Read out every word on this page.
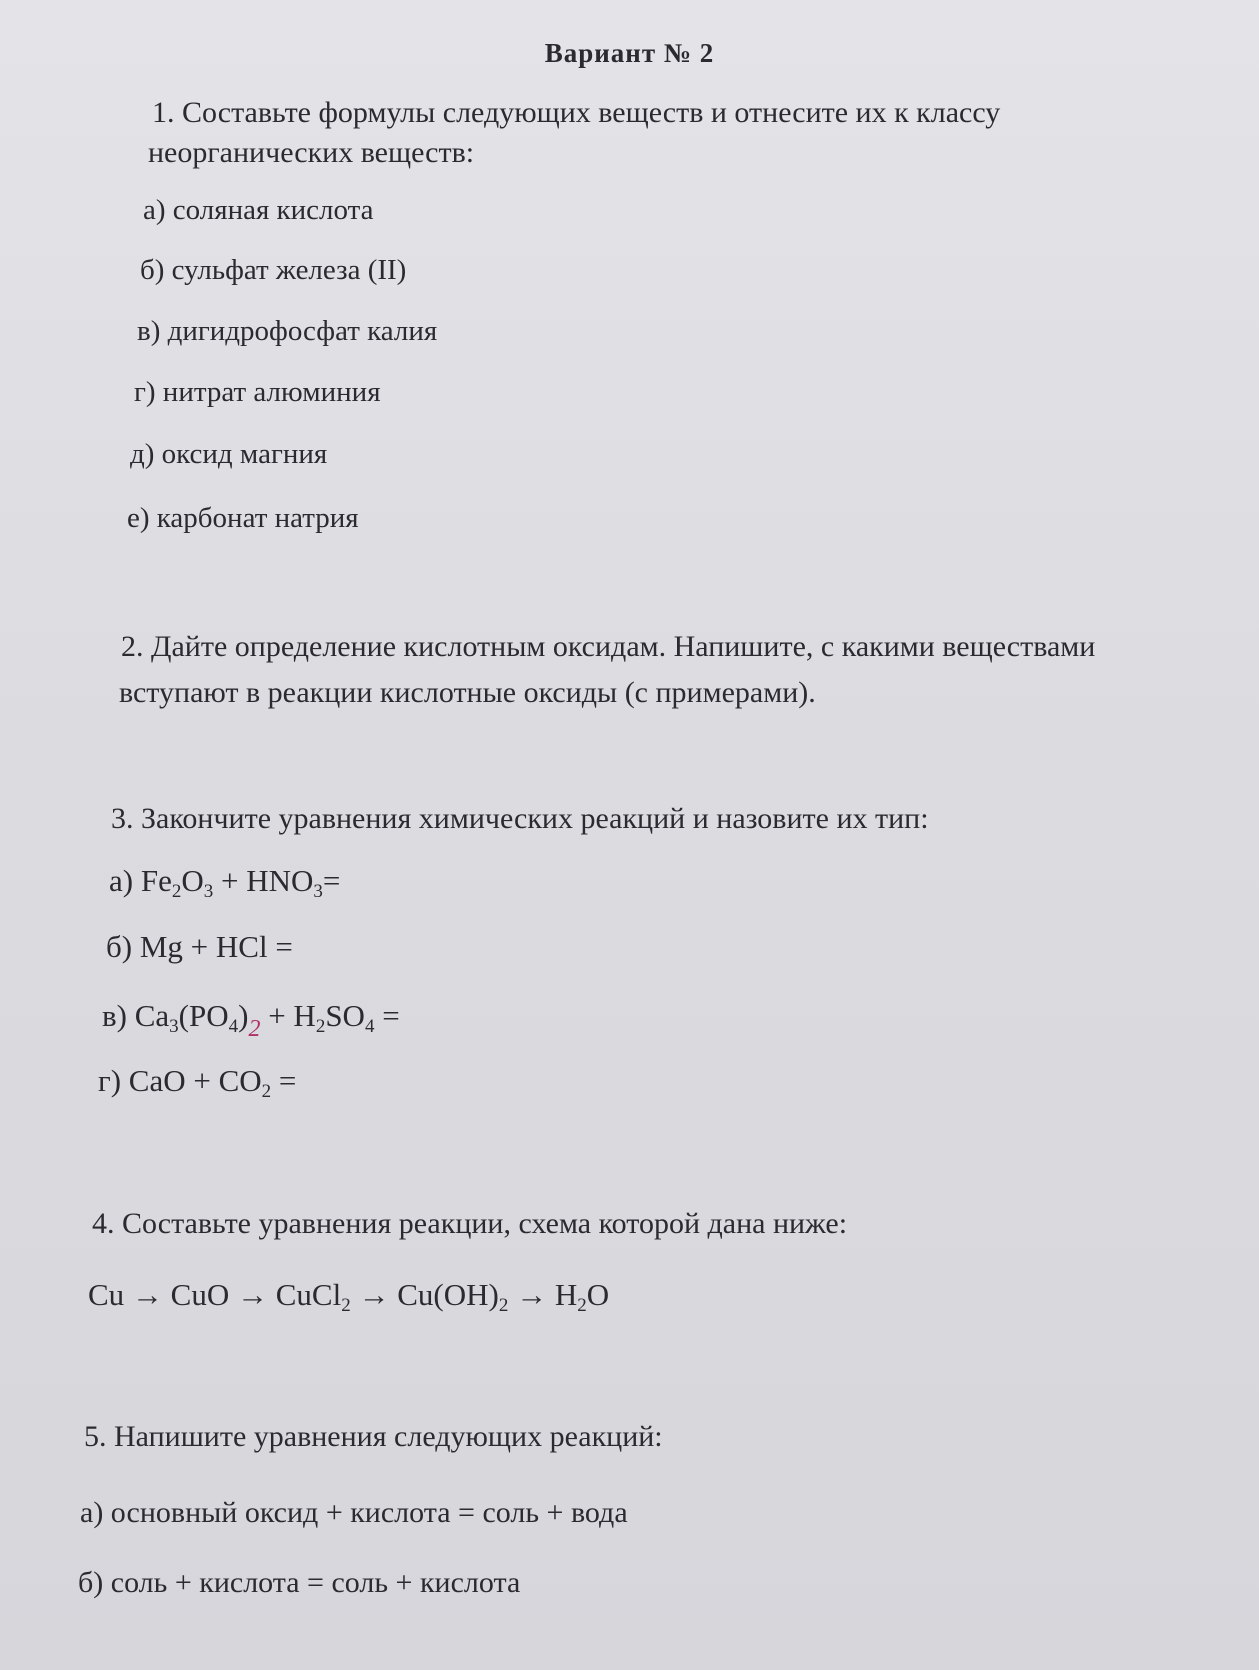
Вариант № 2
1. Составьте формулы следующих веществ и отнесите их к классу
неорганических веществ:
а) соляная кислота
б) сульфат железа (II)
в) дигидрофосфат калия
г) нитрат алюминия
д) оксид магния
е) карбонат натрия
2. Дайте определение кислотным оксидам. Напишите, с какими веществами
вступают в реакции кислотные оксиды (с примерами).
3. Закончите уравнения химических реакций и назовите их тип:
а) $Fe_2O_3 + HNO_3=$
б) Mg + HCl =
в) $Ca_3(PO_4)_2 + H_2SO_4$ =
г) CaO + $CO_2$ =
4. Составьте уравнения реакции, схема которой дана ниже:
Cu → CuO → CuCl$_2$ → $Cu(OH)_2 \to H_2O$
5. Напишите уравнения следующих реакций:
а) основный оксид + кислота = соль + вода
б) соль + кислота = соль + кислота
